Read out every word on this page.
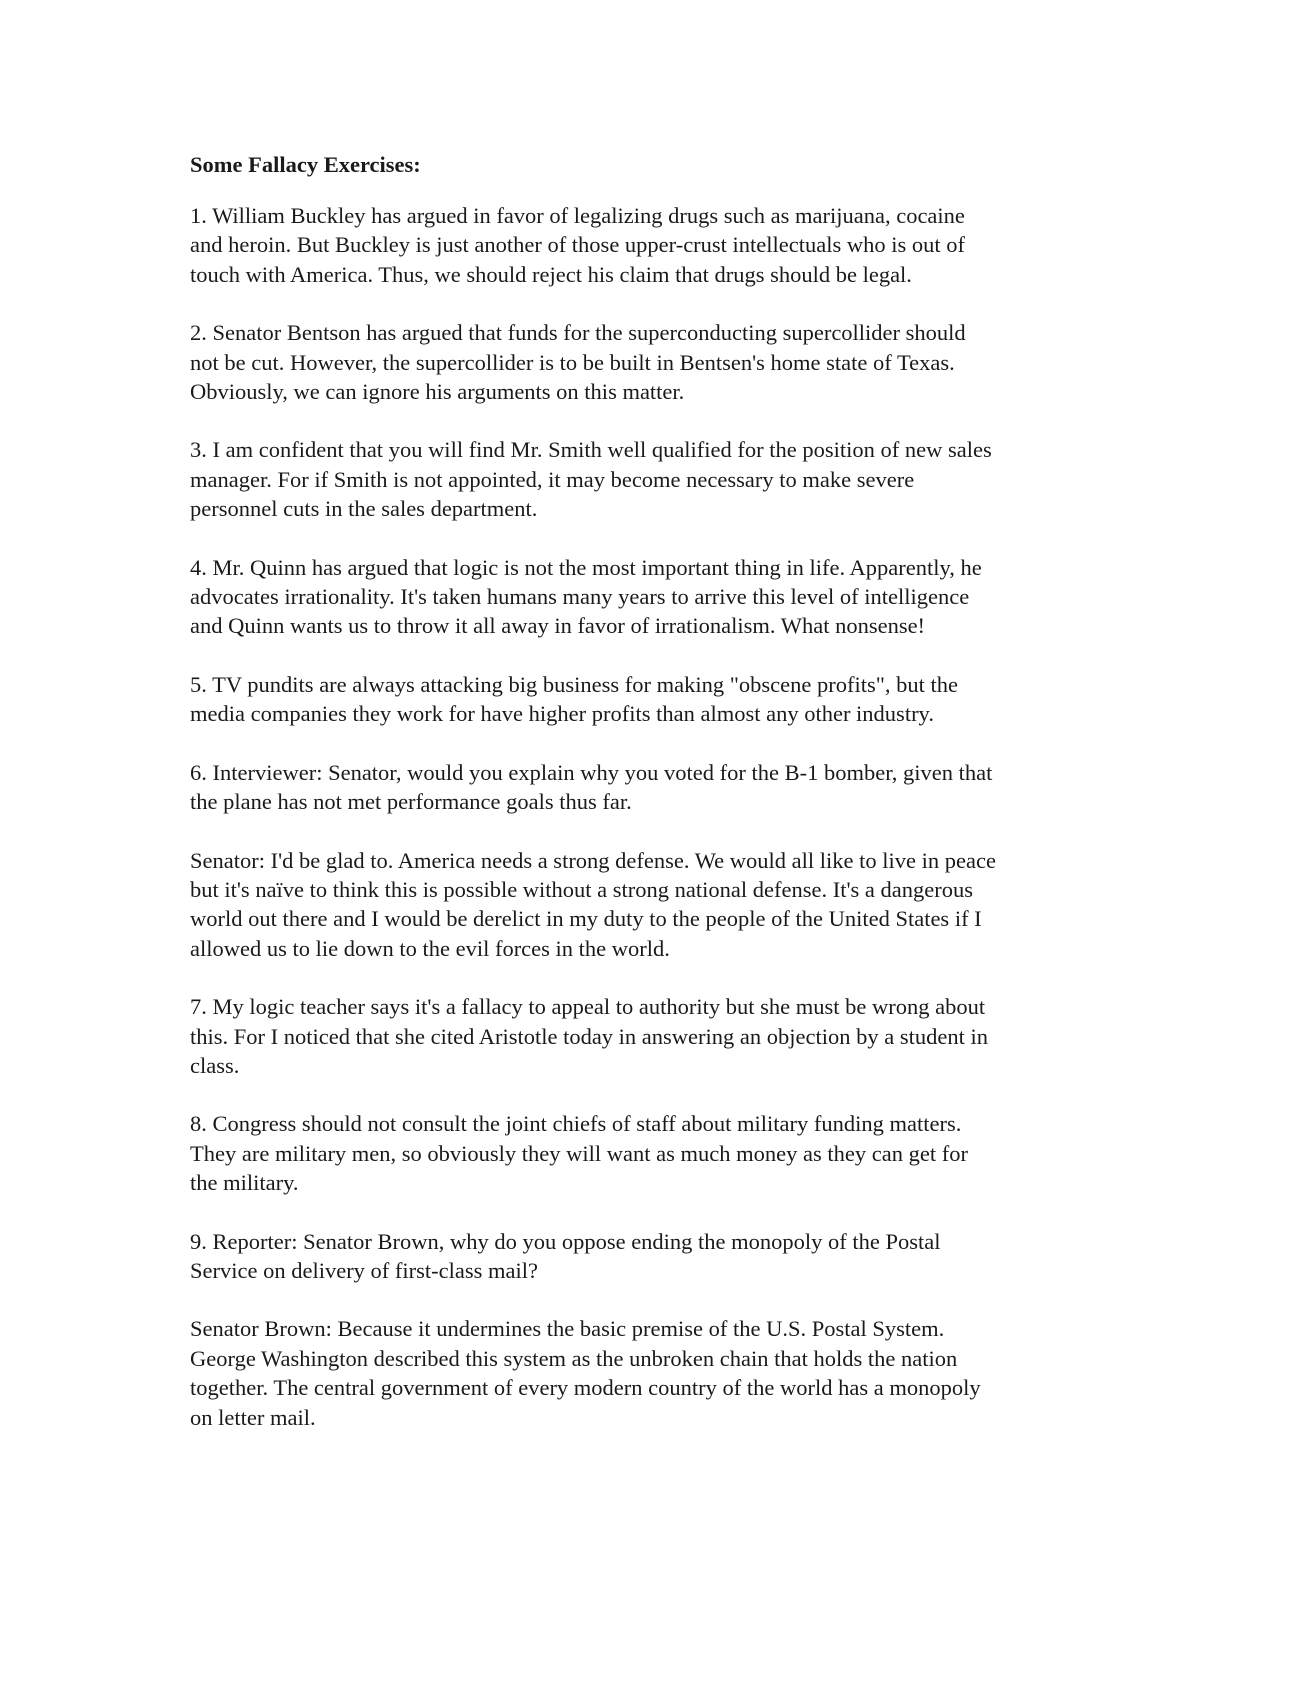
Some Fallacy Exercises:
1. William Buckley has argued in favor of legalizing drugs such as marijuana, cocaine
and heroin. But Buckley is just another of those upper-crust intellectuals who is out of
touch with America. Thus, we should reject his claim that drugs should be legal.
2. Senator Bentson has argued that funds for the superconducting supercollider should
not be cut. However, the supercollider is to be built in Bentsen's home state of Texas.
Obviously, we can ignore his arguments on this matter.
3. I am confident that you will find Mr. Smith well qualified for the position of new sales
manager. For if Smith is not appointed, it may become necessary to make severe
personnel cuts in the sales department.
4. Mr. Quinn has argued that logic is not the most important thing in life. Apparently, he
advocates irrationality. It's taken humans many years to arrive this level of intelligence
and Quinn wants us to throw it all away in favor of irrationalism. What nonsense!
5. TV pundits are always attacking big business for making "obscene profits", but the
media companies they work for have higher profits than almost any other industry.
6. Interviewer: Senator, would you explain why you voted for the B-1 bomber, given that
the plane has not met performance goals thus far.
Senator: I'd be glad to. America needs a strong defense. We would all like to live in peace
but it's naïve to think this is possible without a strong national defense. It's a dangerous
world out there and I would be derelict in my duty to the people of the United States if I
allowed us to lie down to the evil forces in the world.
7. My logic teacher says it's a fallacy to appeal to authority but she must be wrong about
this. For I noticed that she cited Aristotle today in answering an objection by a student in
class.
8. Congress should not consult the joint chiefs of staff about military funding matters.
They are military men, so obviously they will want as much money as they can get for
the military.
9. Reporter: Senator Brown, why do you oppose ending the monopoly of the Postal
Service on delivery of first-class mail?
Senator Brown: Because it undermines the basic premise of the U.S. Postal System.
George Washington described this system as the unbroken chain that holds the nation
together. The central government of every modern country of the world has a monopoly
on letter mail.
